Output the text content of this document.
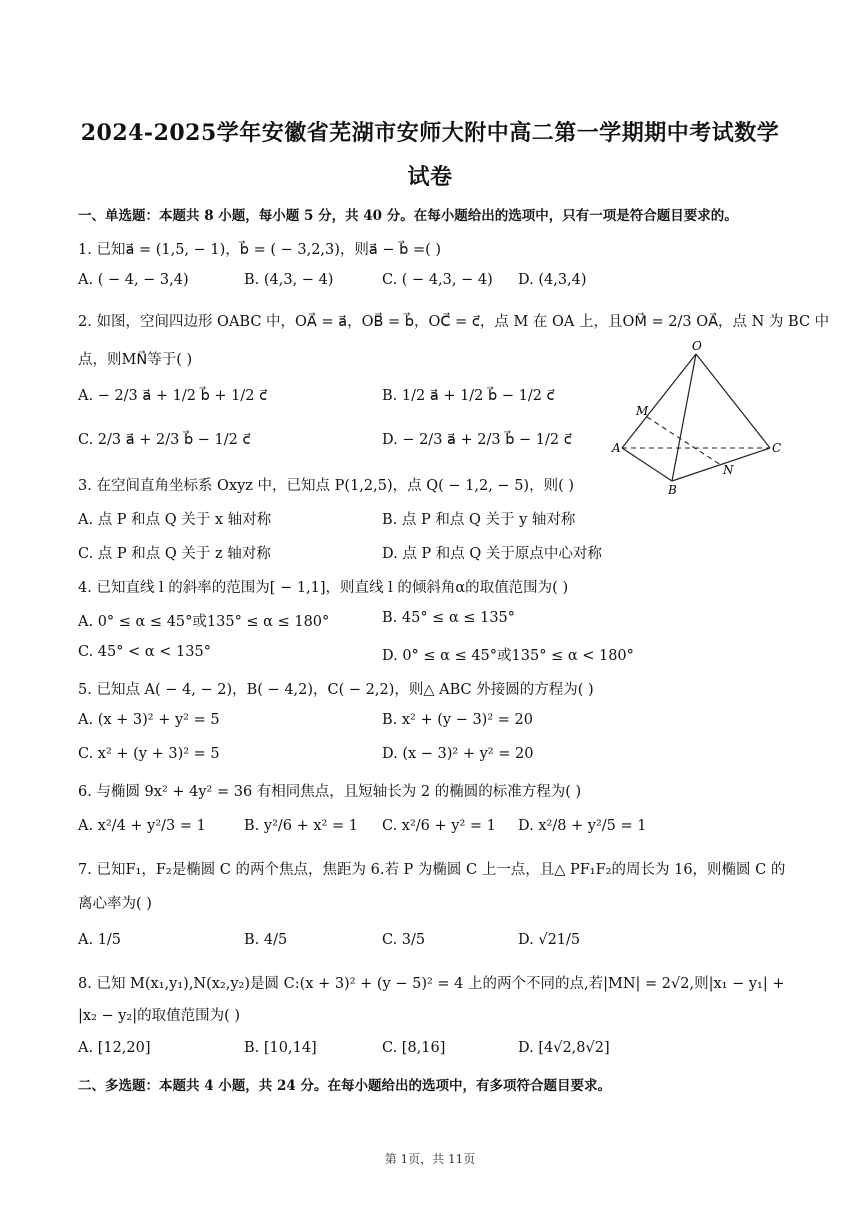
2024-2025学年安徽省芜湖市安师大附中高二第一学期期中考试数学
试卷
一、单选题：本题共 8 小题，每小题 5 分，共 40 分。在每小题给出的选项中，只有一项是符合题目要求的。
1. 已知a⃗ = (1,5, − 1)，b⃗ = ( − 3,2,3)，则a⃗ − b⃗ =( )
A. ( − 4, − 3,4)	B. (4,3, − 4)	C. ( − 4,3, − 4) D. (4,3,4)
2. 如图，空间四边形 OABC 中，OA⃗ = a⃗，OB⃗ = b⃗，OC⃗ = c⃗，点 M 在 OA 上，且OM⃗ = 2/3 OA⃗，点 N 为 BC 中
点，则MN⃗等于( )
A. − 2/3 a⃗ + 1/2 b⃗ + 1/2 c⃗	B. 1/2 a⃗ + 1/2 b⃗ − 1/2 c⃗
C. 2/3 a⃗ + 2/3 b⃗ − 1/2 c⃗	D. − 2/3 a⃗ + 2/3 b⃗ − 1/2 c⃗
O
M
A
N
C
B
3. 在空间直角坐标系 Oxyz 中，已知点 P(1,2,5)，点 Q( − 1,2, − 5)，则( )
A. 点 P 和点 Q 关于 x 轴对称	B. 点 P 和点 Q 关于 y 轴对称
C. 点 P 和点 Q 关于 z 轴对称	D. 点 P 和点 Q 关于原点中心对称
4. 已知直线 l 的斜率的范围为[ − 1,1]，则直线 l 的倾斜角α的取值范围为( )
A. 0° ≤ α ≤ 45°或135° ≤ α ≤ 180°	B. 45° ≤ α ≤ 135°
C. 45° < α < 135°	D. 0° ≤ α ≤ 45°或135° ≤ α < 180°
5. 已知点 A( − 4, − 2)，B( − 4,2)，C( − 2,2)，则△ ABC 外接圆的方程为( )
A. (x + 3)² + y² = 5	B. x² + (y − 3)² = 20
C. x² + (y + 3)² = 5	D. (x − 3)² + y² = 20
6. 与椭圆 9x² + 4y² = 36 有相同焦点，且短轴长为 2 的椭圆的标准方程为( )
A. x²/4 + y²/3 = 1	B. y²/6 + x² = 1 C. x²/6 + y² = 1 D. x²/8 + y²/5 = 1
7. 已知F₁，F₂是椭圆 C 的两个焦点，焦距为 6.若 P 为椭圆 C 上一点，且△ PF₁F₂的周长为 16，则椭圆 C 的
离心率为( )
A. 1/5	B. 4/5	C. 3/5	D. √21/5
8. 已知 M(x₁,y₁),N(x₂,y₂)是圆 C:(x + 3)² + (y − 5)² = 4 上的两个不同的点,若|MN| = 2√2,则|x₁ − y₁| +
|x₂ − y₂|的取值范围为( )
A. [12,20]	B. [10,14]	C. [8,16]	D. [4√2,8√2]
二、多选题：本题共 4 小题，共 24 分。在每小题给出的选项中，有多项符合题目要求。
第 1页，共 11页
